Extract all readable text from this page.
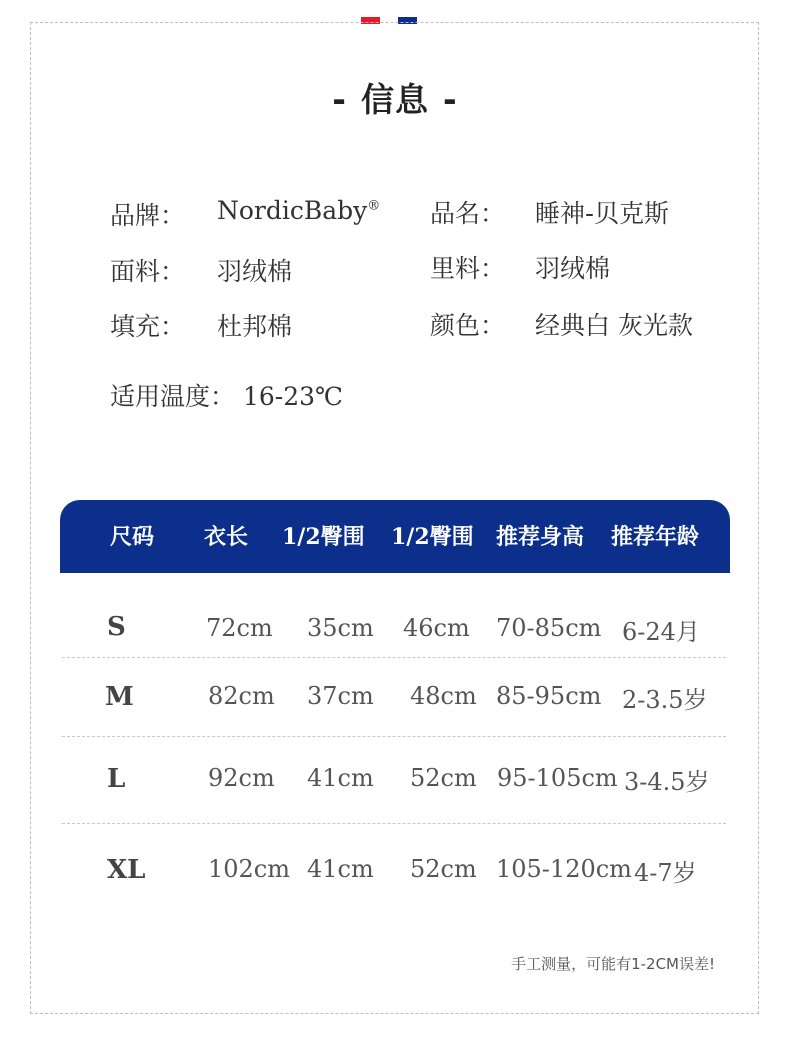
- 信息 -
品牌： NordicBaby® 品名： 睡神-贝克斯
面料： 羽绒棉	里料： 羽绒棉
填充： 杜邦棉	颜色： 经典白 灰光款
适用温度： 16-23℃
尺码 衣长 1/2臀围 1/2臀围 推荐身高 推荐年龄
S	72cm 35cm 46cm 70-85cm 6-24月
M	82cm 37cm 48cm 85-95cm 2-3.5岁
L	92cm 41cm 52cm 95-105cm 3-4.5岁
XL	102cm 41cm 52cm 105-120cm 4-7岁
手工测量，可能有1-2CM误差!
